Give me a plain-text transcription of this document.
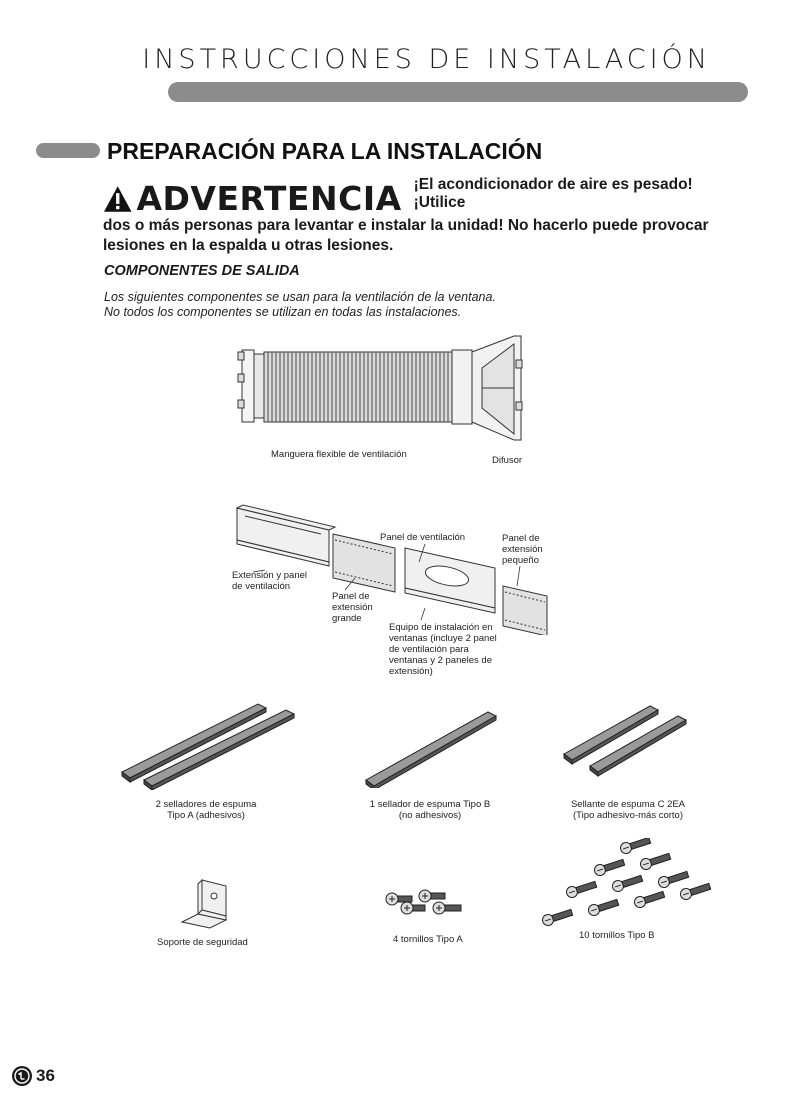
INSTRUCCIONES DE INSTALACIÓN
PREPARACIÓN PARA LA INSTALACIÓN
ADVERTENCIA ¡El acondicionador de aire es pesado! ¡Utilice
dos o más personas para levantar e instalar la unidad! No hacerlo puede provocar
lesiones en la espalda u otras lesiones.
COMPONENTES DE SALIDA
Los siguientes componentes se usan para la ventilación de la ventana.
No todos los componentes se utilizan en todas las instalaciones.
Manguera flexible de ventilación
Difusor
Extensión y panel
de ventilación
Panel de ventilación	Panel de
extensión
pequeño
Panel de
extensión
grande
Equipo de instalación en
ventanas (incluye 2 panel
de ventilación para
ventanas y 2 paneles de
extensión)
2 selladores de espuma
Tipo A (adhesivos)
1 sellador de espuma Tipo B
(no adhesivos)
Sellante de espuma C 2EA
(Tipo adhesivo-más corto)
Soporte de seguridad	4 tornillos Tipo A	10 tornillos Tipo B
36
